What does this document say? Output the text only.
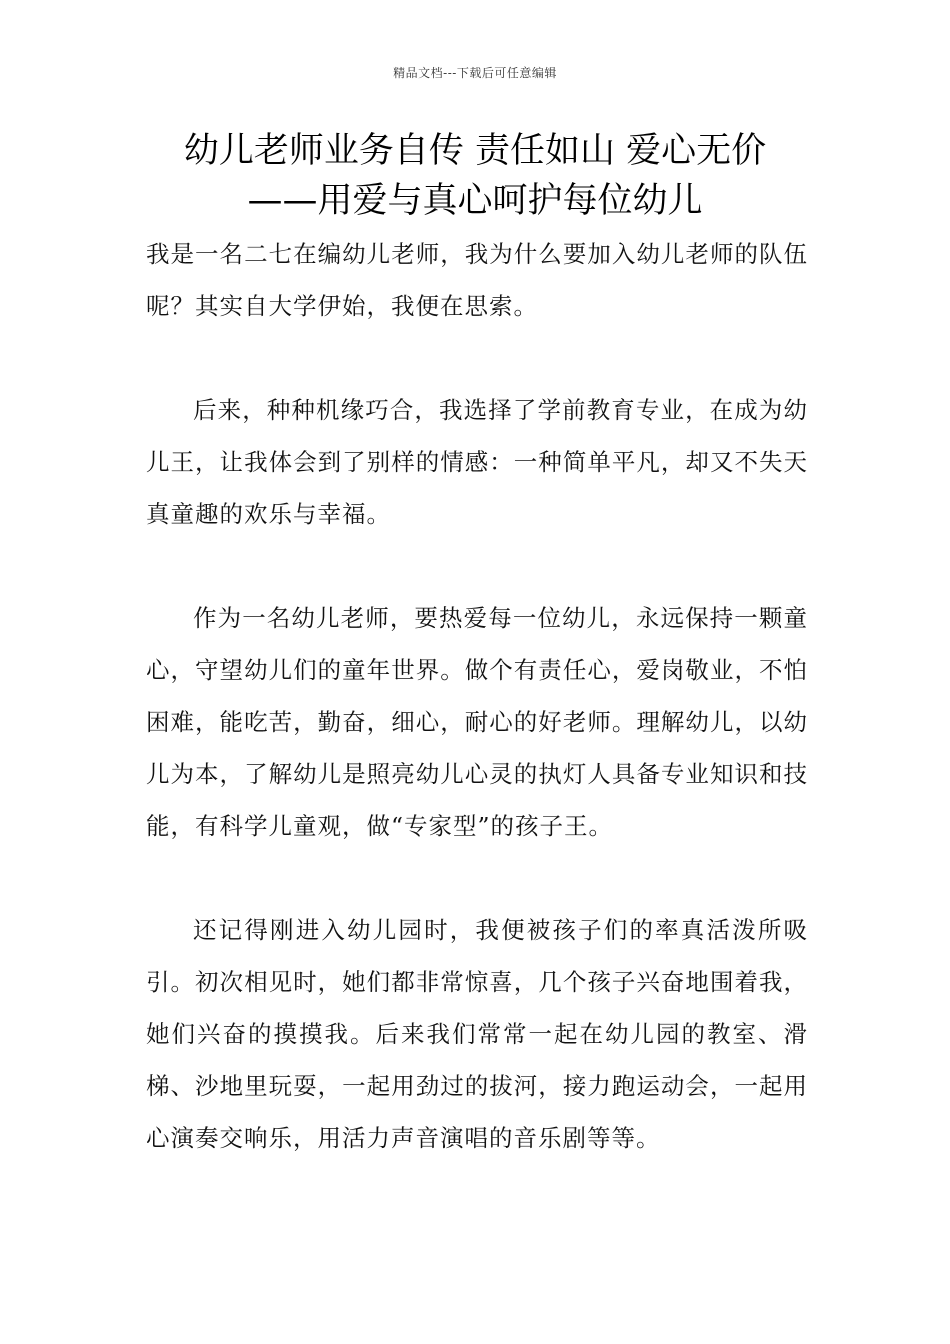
精品文档---下载后可任意编辑
幼儿老师业务自传 责任如山 爱心无价
——用爱与真心呵护每位幼儿

我是一名二七在编幼儿老师，我为什么要加入幼儿老师的队伍呢？其实自大学伊始，我便在思索。

后来，种种机缘巧合，我选择了学前教育专业，在成为幼儿王，让我体会到了别样的情感：一种简单平凡，却又不失天真童趣的欢乐与幸福。

作为一名幼儿老师，要热爱每一位幼儿，永远保持一颗童心，守望幼儿们的童年世界。做个有责任心，爱岗敬业，不怕困难，能吃苦，勤奋，细心，耐心的好老师。理解幼儿，以幼儿为本，了解幼儿是照亮幼儿心灵的执灯人具备专业知识和技能，有科学儿童观，做“专家型”的孩子王。

还记得刚进入幼儿园时，我便被孩子们的率真活泼所吸引。初次相见时，她们都非常惊喜，几个孩子兴奋地围着我，她们兴奋的摸摸我。后来我们常常一起在幼儿园的教室、滑梯、沙地里玩耍，一起用劲过的拔河，接力跑运动会，一起用心演奏交响乐，用活力声音演唱的音乐剧等等。
